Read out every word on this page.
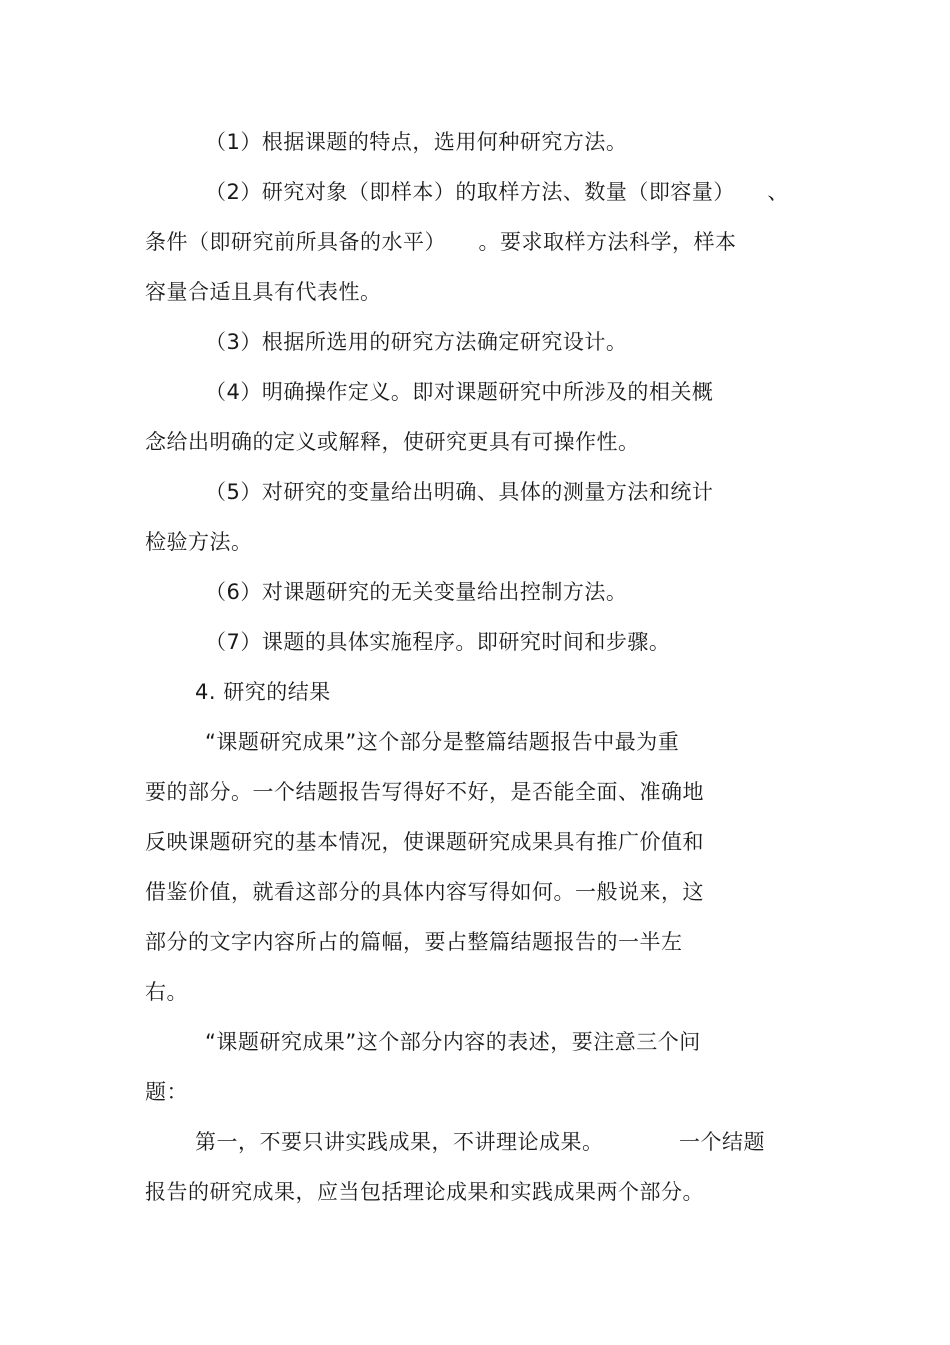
（1）根据课题的特点，选用何种研究方法。
（2）研究对象（即样本）的取样方法、数量（即容量）　　、
条件（即研究前所具备的水平）　　。要求取样方法科学，样本
容量合适且具有代表性。
（3）根据所选用的研究方法确定研究设计。
（4）明确操作定义。即对课题研究中所涉及的相关概
念给出明确的定义或解释，使研究更具有可操作性。
（5）对研究的变量给出明确、具体的测量方法和统计
检验方法。
（6）对课题研究的无关变量给出控制方法。
（7）课题的具体实施程序。即研究时间和步骤。
4. 研究的结果
“课题研究成果”这个部分是整篇结题报告中最为重
要的部分。一个结题报告写得好不好，是否能全面、准确地
反映课题研究的基本情况，使课题研究成果具有推广价值和
借鉴价值，就看这部分的具体内容写得如何。一般说来，这
部分的文字内容所占的篇幅，要占整篇结题报告的一半左
右。
“课题研究成果”这个部分内容的表述，要注意三个问
题：
第一，不要只讲实践成果，不讲理论成果。　　　　一个结题
报告的研究成果，应当包括理论成果和实践成果两个部分。
